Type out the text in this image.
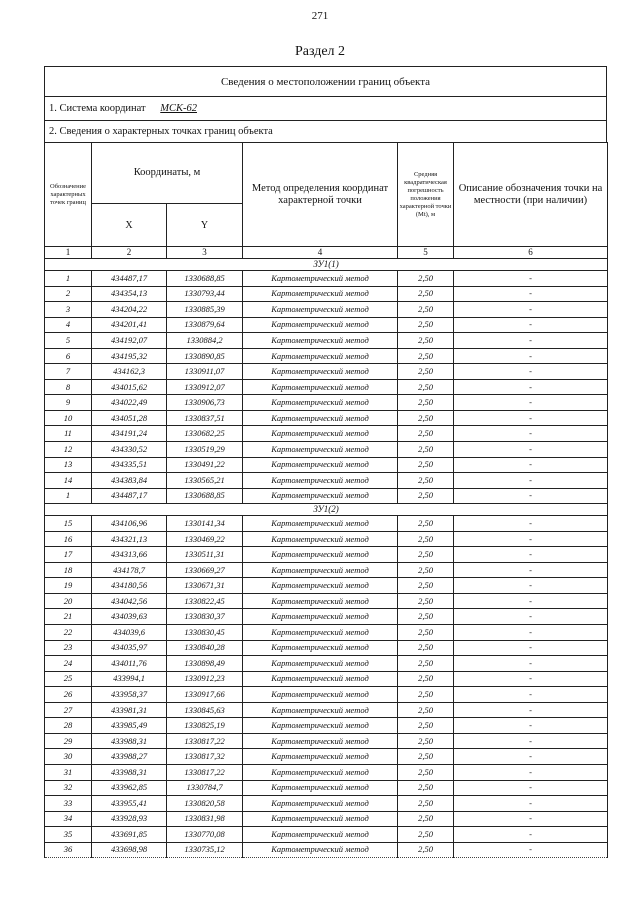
271
Раздел 2
Сведения о местоположении границ объекта
1. Система координат МСК-62
2. Сведения о характерных точках границ объекта
Обозначение характерных точек границ	Координаты, м		Метод определения координат характерной точки	Средняя квадратическая погрешность положения характерной точки (Mt), м	Описание обозначения точки на местности (при наличии)
	X	Y			
1	2	3	4	5	6
ЗУ1(1)					
1	434487,17	1330688,85	Картометрический метод	2,50	-
2	434354,13	1330793,44	Картометрический метод	2,50	-
3	434204,22	1330885,39	Картометрический метод	2,50	-
4	434201,41	1330879,64	Картометрический метод	2,50	-
5	434192,07	1330884,2	Картометрический метод	2,50	-
6	434195,32	1330890,85	Картометрический метод	2,50	-
7	434162,3	1330911,07	Картометрический метод	2,50	-
8	434015,62	1330912,07	Картометрический метод	2,50	-
9	434022,49	1330906,73	Картометрический метод	2,50	-
10	434051,28	1330837,51	Картометрический метод	2,50	-
11	434191,24	1330682,25	Картометрический метод	2,50	-
12	434330,52	1330519,29	Картометрический метод	2,50	-
13	434335,51	1330491,22	Картометрический метод	2,50	-
14	434383,84	1330565,21	Картометрический метод	2,50	-
1	434487,17	1330688,85	Картометрический метод	2,50	-
ЗУ1(2)					
15	434106,96	1330141,34	Картометрический метод	2,50	-
16	434321,13	1330469,22	Картометрический метод	2,50	-
17	434313,66	1330511,31	Картометрический метод	2,50	-
18	434178,7	1330669,27	Картометрический метод	2,50	-
19	434180,56	1330671,31	Картометрический метод	2,50	-
20	434042,56	1330822,45	Картометрический метод	2,50	-
21	434039,63	1330830,37	Картометрический метод	2,50	-
22	434039,6	1330830,45	Картометрический метод	2,50	-
23	434035,97	1330840,28	Картометрический метод	2,50	-
24	434011,76	1330898,49	Картометрический метод	2,50	-
25	433994,1	1330912,23	Картометрический метод	2,50	-
26	433958,37	1330917,66	Картометрический метод	2,50	-
27	433981,31	1330845,63	Картометрический метод	2,50	-
28	433985,49	1330825,19	Картометрический метод	2,50	-
29	433988,31	1330817,22	Картометрический метод	2,50	-
30	433988,27	1330817,32	Картометрический метод	2,50	-
31	433988,31	1330817,22	Картометрический метод	2,50	-
32	433962,85	1330784,7	Картометрический метод	2,50	-
33	433955,41	1330820,58	Картометрический метод	2,50	-
34	433928,93	1330831,98	Картометрический метод	2,50	-
35	433691,85	1330770,08	Картометрический метод	2,50	-
36	433698,98	1330735,12	Картометрический метод	2,50	-
